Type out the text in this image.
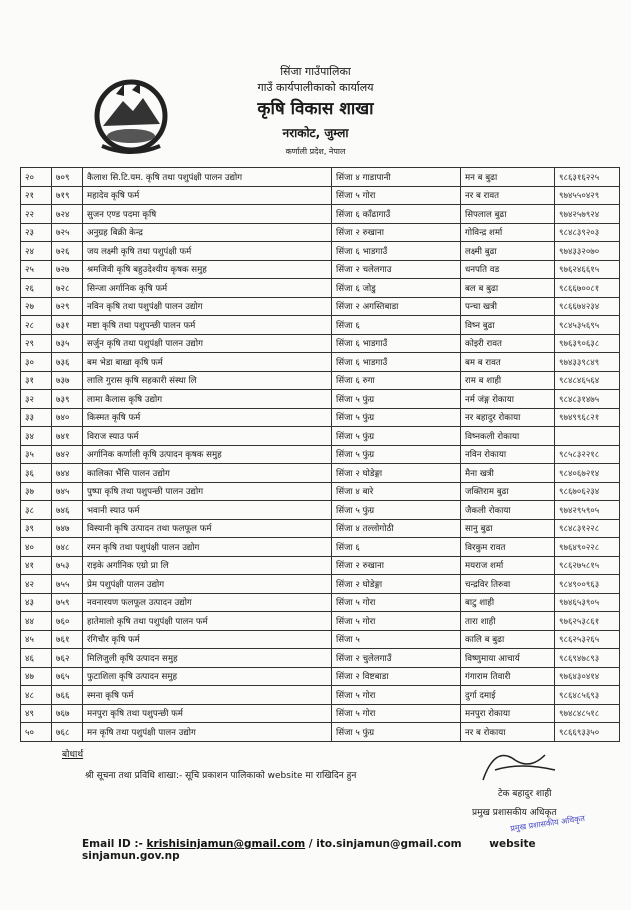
सिंजा गाउँपालिका
गाउँ कार्यपालीकाको कार्यालय
कृषि विकास शाखा
नराकोट, जुम्ला
कर्णाली प्रदेश, नेपाल
२०	७०९	कैलाश सि.टि.यम. कृषि तथा पशुपंक्षी पालन उद्योग	सिंजा ४ गाडापानी	मन ब बुढा	९८६३१६२२५
२१	७१९	महादेव कृषि फर्म	सिंजा ५ गोरा	नर ब रावत	९७४५५०४२९
२२	७२४	सुजन एण्ड पदमा कृषि	सिंजा ६ काँढागाउँ	सिपलाल बुढा	९७४२५७९२४
२३	७२५	अनुग्रह बिक्री केन्द्र	सिंजा २ रुखाना	गोविन्द्र शर्मा	९८४८३९२०३
२४	७२६	जय लक्ष्मी कृषि तथा पशुपंक्षी फर्म	सिंजा ६ भाडगाउँ	लक्ष्मी बुढा	९७४३३२०७०
२५	७२७	श्रमजिवी कृषि बहुउदेश्यीय कृषक समुह	सिंजा २ चलेलगाउ	धनपति वड	९७६२४६६१५
२६	७२८	सिन्जा अर्गानिक कृषि फर्म	सिंजा ६ जोडु	बल ब बुढा	९८६६७००८१
२७	७२९	नविन कृषि तथा पशुपंक्षी पालन उद्योग	सिंजा २ अगस्तिबाडा	पन्चा खत्री	९८६६७४२३४
२८	७३१	मष्टा कृषि तथा पशुपन्छी पालन फर्म	सिंजा ६	विष्न बुढा	९८४५३५६९५
२९	७३५	सर्जुन कृषि तथा पशुपंक्षी पालन उद्योग	सिंजा ६ भाडगाउँ	कोइरी रावत	९७६३९०६३८
३०	७३६	बम भेडा बाखा कृषि फर्म	सिंजा ६ भाडगाउँ	बम ब रावत	९७४३३९८४९
३१	७३७	लालि गुरास कृषि सहकारी संस्था लि	सिंजा ६ रुगा	राम ब शाही	९८४८४६५६४
३२	७३९	लामा कैलास कृषि उद्योग	सिंजा ५ फुंग्र	नर्म जंङ्ग रोकाया	९८४८३१४७५
३३	७४०	किस्मत कृषि फर्म	सिंजा ५ फुंग्र	नर बहादुर रोकाया	९७४९९६८२१
३४	७४१	विराज स्याउ फर्म	सिंजा ५ फुंग्र	विष्नकली रोकाया	
३५	७४२	अर्गानिक कर्णाली कृषि उत्पादन कृषक समुह	सिंजा ५ फुंग्र	नविन रोकाया	९८५८३२२१८
३६	७४४	कालिका भैंसि पालन उद्योग	सिंजा २ घोडेङ्गा	मैना खत्री	९८४०६७२१४
३७	७४५	पुष्पा कृषि तथा पशुपन्छी पालन उद्योग	सिंजा ४ बारे	जक्तिराम बुढा	९८६७०६२३४
३८	७४६	भवानी स्याउ फर्म	सिंजा ५ फुंग्र	जैकली रोकाया	९७४२९५९०५
३९	७४७	विस्यानी कृषि उत्पादन तथा फलफूल फर्म	सिंजा ४ तल्लोगोठी	सानु बुढा	९८४८३१२२८
४०	७४८	रमन कृषि तथा पशुपंक्षी पालन उद्योग	सिंजा ६	विरकुम रावत	९७६४९०२२८
४१	७५३	राइके अर्गानिक एग्रो प्रा लि	सिंजा २ रुखाना	मयराज शर्मा	९८६२७५८१५
४२	७५५	प्रेम पशुपंक्षी पालन उद्योग	सिंजा २ घोडेङ्गा	चन्द्रविर तिरुवा	९८४९००९६३
४३	७५९	नवनारयण फलफूल उत्पादन उद्योग	सिंजा ५ गोरा	बाटु शाही	९७४६५३९०५
४४	७६०	हातेमालो कृषि तथा पशुपंक्षी पालन फर्म	सिंजा ५ गोरा	तारा शाही	९७६२५३८६१
४५	७६१	रंगिचौर कृषि फर्म	सिंजा ५	कालि ब बुढा	९८६२५३२६५
४६	७६२	मिलिजुली कृषि उत्पादन समुह	सिंजा २ चुलेलगाउँ	विष्णुमाया आचार्य	९८६९४७८९३
४७	७६५	फुटाशिला कृषि उत्पादन समुह	सिंजा २ विष्टबाडा	गंगाराम तिवारी	९७६४३०४१४
४८	७६६	स्मना कृषि फर्म	सिंजा ५ गोरा	दुर्गा दमाई	९८६४८५६९३
४९	७६७	मनपुरा कृषि तथा पशुपन्छी फर्म	सिंजा ५ गोरा	मनपुरा रोकाया	९७४८४८५१८
५०	७६८	मन कृषि तथा पशुपंक्षी पालन उद्योग	सिंजा ५ फुंग्र	नर ब रोकाया	९८६६९३३५०
बोधार्थ
श्री सूचना तथा प्रविधि शाखा:- सूचि प्रकाशन पालिकाको website मा राखिदिन हुन
टेक बहादुर शाही
प्रमुख प्रशासकीय अधिकृत
प्रमुख प्रशासकीय अधिकृत
Email ID :- krishisinjamun@gmail.com / ito.sinjamun@gmail.com	website sinjamun.gov.np
